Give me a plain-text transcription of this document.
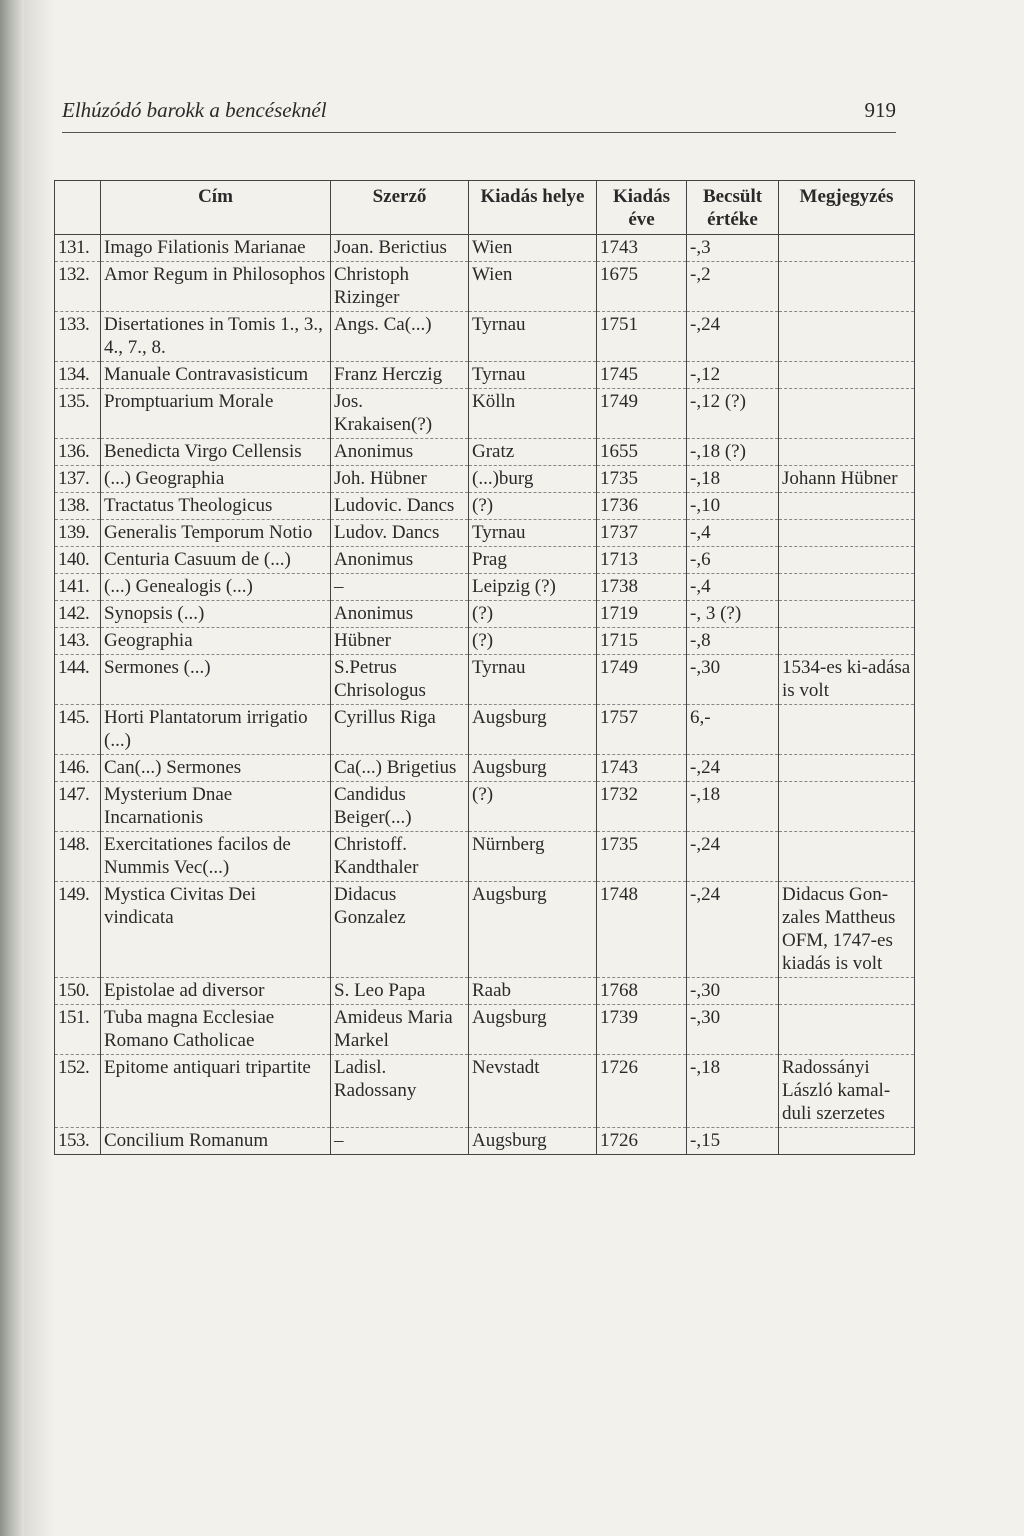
Elhúzódó barokk a bencéseknél	919
	Cím	Szerző	Kiadás helye	Kiadás éve	Becsült értéke	Megjegyzés
131.	Imago Filationis Marianae	Joan. Berictius	Wien	1743	-,3	
132.	Amor Regum in Philosophos	Christoph Rizinger	Wien	1675	-,2	
133.	Disertationes in Tomis 1., 3., 4., 7., 8.	Angs. Ca(...)	Tyrnau	1751	-,24	
134.	Manuale Contravasisticum	Franz Herczig	Tyrnau	1745	-,12	
135.	Promptuarium Morale	Jos. Krakaisen(?)	Kölln	1749	-,12 (?)	
136.	Benedicta Virgo Cellensis	Anonimus	Gratz	1655	-,18 (?)	
137.	(...) Geographia	Joh. Hübner	(...)burg	1735	-,18	Johann Hübner
138.	Tractatus Theologicus	Ludovic. Dancs	(?)	1736	-,10	
139.	Generalis Temporum Notio	Ludov. Dancs	Tyrnau	1737	-,4	
140.	Centuria Casuum de (...)	Anonimus	Prag	1713	-,6	
141.	(...) Genealogis (...)	–	Leipzig (?)	1738	-,4	
142.	Synopsis (...)	Anonimus	(?)	1719	-, 3 (?)	
143.	Geographia	Hübner	(?)	1715	-,8	
144.	Sermones (...)	S.Petrus Chrisologus	Tyrnau	1749	-,30	1534-es ki-adása is volt
145.	Horti Plantatorum irrigatio (...)	Cyrillus Riga	Augsburg	1757	6,-	
146.	Can(...) Sermones	Ca(...) Brigetius	Augsburg	1743	-,24	
147.	Mysterium Dnae Incarnationis	Candidus Beiger(...)	(?)	1732	-,18	
148.	Exercitationes facilos de Nummis Vec(...)	Christoff. Kandthaler	Nürnberg	1735	-,24	
149.	Mystica Civitas Dei vindicata	Didacus Gonzalez	Augsburg	1748	-,24	Didacus Gon-zales Mattheus OFM, 1747-es kiadás is volt
150.	Epistolae ad diversor	S. Leo Papa	Raab	1768	-,30	
151.	Tuba magna Ecclesiae Romano Catholicae	Amideus Maria Markel	Augsburg	1739	-,30	
152.	Epitome antiquari tripartite	Ladisl. Radossany	Nevstadt	1726	-,18	Radossányi László kamal-duli szerzetes
153.	Concilium Romanum	–	Augsburg	1726	-,15	
